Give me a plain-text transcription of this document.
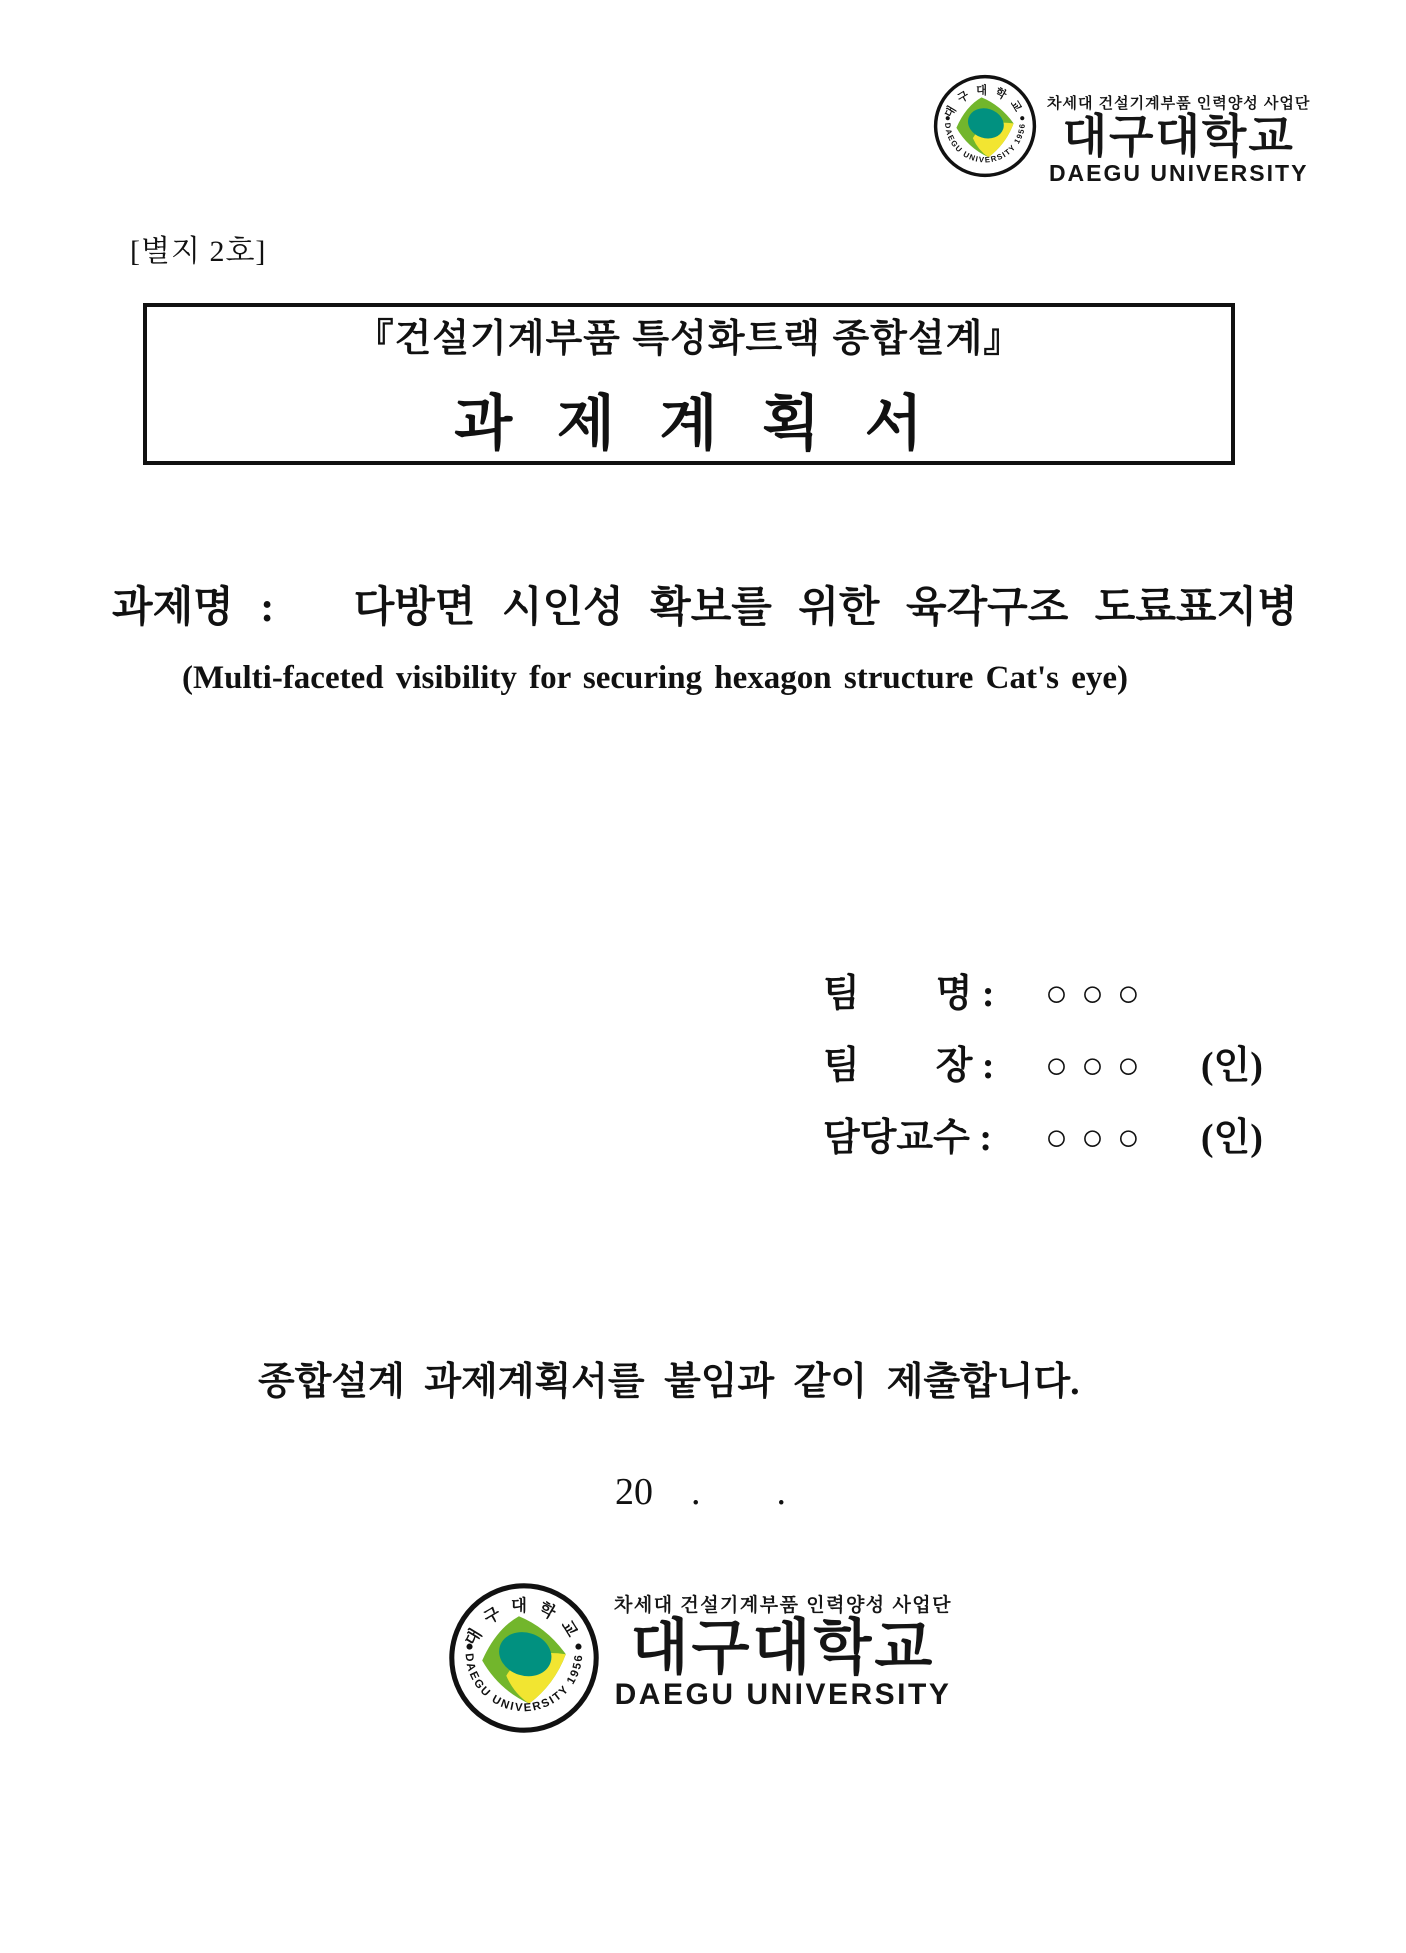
차세대 건설기계부품 인력양성 사업단
대구대학교
DAEGU UNIVERSITY
[별지 2호]
『건설기계부품 특성화트랙 종합설계』
과 제 계 획 서
과제명 :   다방면 시인성 확보를 위한 육각구조 도료표지병
(Multi-faceted visibility for securing hexagon structure Cat's eye)
팀   명 : ○○○
팀   장 : ○○○ (인)
담당교수 : ○○○ (인)
종합설계 과제계획서를 붙임과 같이 제출합니다.
20    .        .
차세대 건설기계부품 인력양성 사업단
대구대학교
DAEGU UNIVERSITY
